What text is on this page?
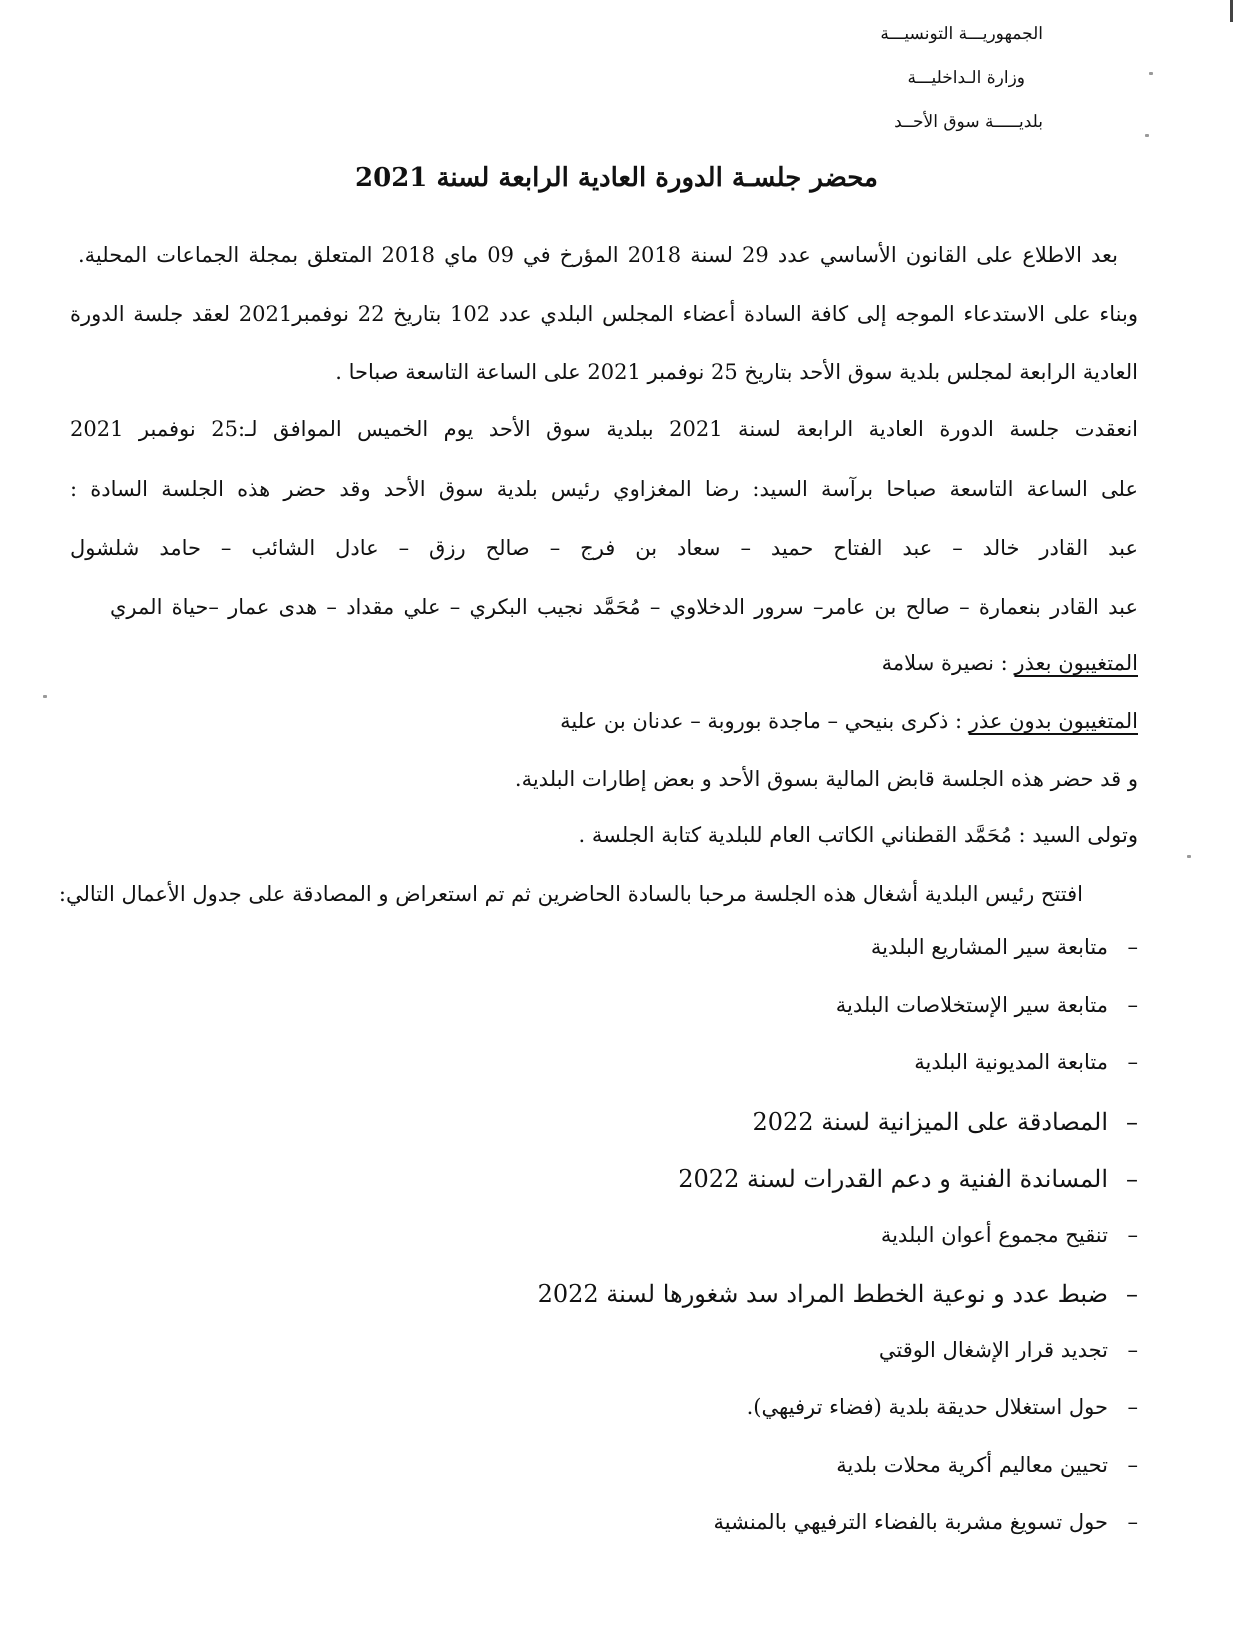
الجمهوريـــة التونسيـــة
وزارة الـداخليـــة
بلديـــــة سوق الأحــد
محضر جلسـة الدورة العادية الرابعة لسنة 2021
بعد الاطلاع على القانون الأساسي عدد 29 لسنة 2018 المؤرخ في 09 ماي 2018 المتعلق بمجلة الجماعات المحلية.
وبناء على الاستدعاء الموجه إلى كافة السادة أعضاء المجلس البلدي عدد 102 بتاريخ 22 نوفمبر2021 لعقد جلسة الدورة
العادية الرابعة لمجلس بلدية سوق الأحد بتاريخ 25 نوفمبر 2021 على الساعة التاسعة صباحا .
انعقدت جلسة الدورة العادية الرابعة لسنة 2021 ببلدية سوق الأحد يوم الخميس الموافق لـ:25 نوفمبر 2021
على الساعة التاسعة صباحا برآسة السيد: رضا المغزاوي رئيس بلدية سوق الأحد وقد حضر هذه الجلسة السادة :
عبد القادر خالد – عبد الفتاح حميد – سعاد بن فرج – صالح رزق – عادل الشائب – حامد شلشول
عبد القادر بنعمارة – صالح بن عامر– سرور الدخلاوي – مُحَمَّد نجيب البكري – علي مقداد – هدى عمار –حياة المري
المتغيبون بعذر : نصيرة سلامة
المتغيبون بدون عذر : ذكرى بنيحي – ماجدة بوروبة – عدنان بن علية
و قد حضر هذه الجلسة قابض المالية بسوق الأحد و بعض إطارات البلدية.
وتولى السيد : مُحَمَّد القطناني الكاتب العام للبلدية كتابة الجلسة .
افتتح رئيس البلدية أشغال هذه الجلسة مرحبا بالسادة الحاضرين ثم تم استعراض و المصادقة على جدول الأعمال التالي:
–متابعة سير المشاريع البلدية
–متابعة سير الإستخلاصات البلدية
–متابعة المديونية البلدية
–المصادقة على الميزانية لسنة 2022
–المساندة الفنية و دعم القدرات لسنة 2022
–تنقيح مجموع أعوان البلدية
–ضبط عدد و نوعية الخطط المراد سد شغورها لسنة 2022
–تجديد قرار الإشغال الوقتي
–حول استغلال حديقة بلدية (فضاء ترفيهي).
–تحيين معاليم أكرية محلات بلدية
–حول تسويغ مشربة بالفضاء الترفيهي بالمنشية
